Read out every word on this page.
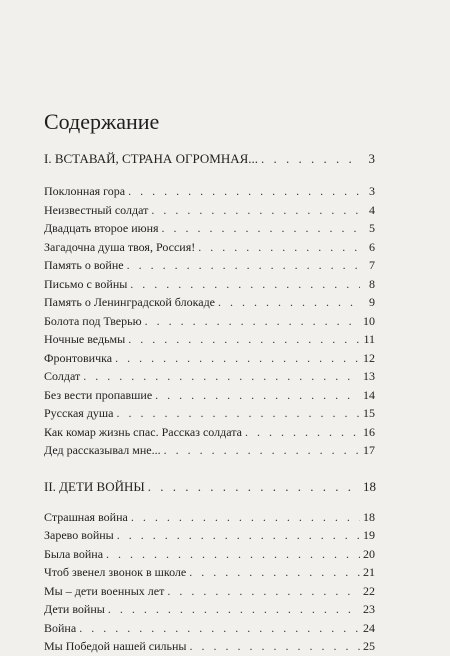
Содержание
I. ВСТАВАЙ, СТРАНА ОГРОМНАЯ... . . .	3
Поклонная гора . . .	3
Неизвестный солдат . . .	4
Двадцать второе июня . . .	5
Загадочна душа твоя, Россия! . . .	6
Память о войне . . .	7
Письмо с войны . . .	8
Память о Ленинградской блокаде . . .	9
Болота под Тверью . . .	10
Ночные ведьмы . . .	11
Фронтовичка . . .	12
Солдат . . .	13
Без вести пропавшие . . .	14
Русская душа . . .	15
Как комар жизнь спас. Рассказ солдата . . .	16
Дед рассказывал мне... . . .	17
II. ДЕТИ ВОЙНЫ . . .	18
Страшная война . . .	18
Зарево войны . . .	19
Была война . . .	20
Чтоб звенел звонок в школе . . .	21
Мы – дети военных лет . . .	22
Дети войны . . .	23
Война . . .	24
Мы Победой нашей сильны . . .	25
